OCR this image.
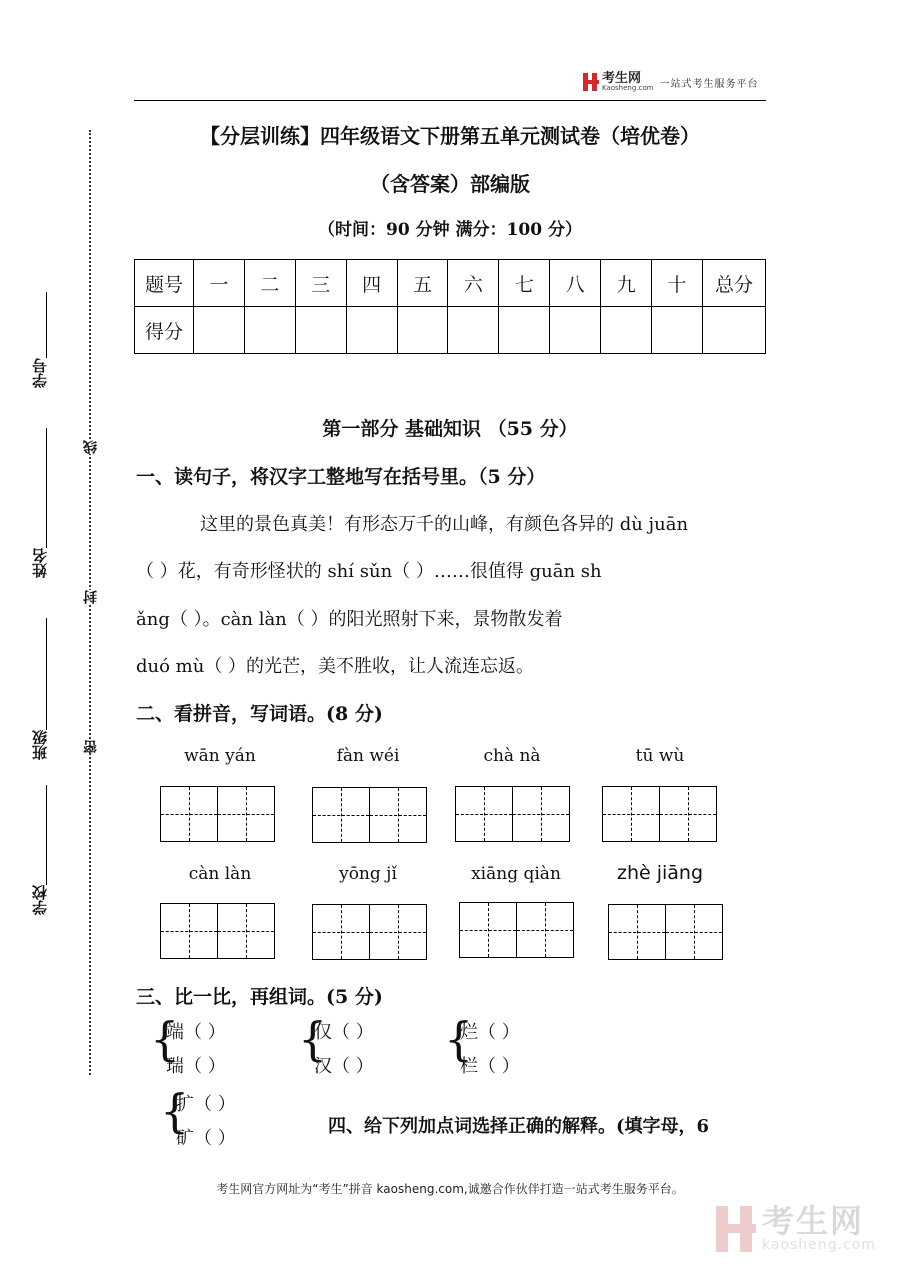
考生网
Kaosheng.com 一站式考生服务平台
【分层训练】四年级语文下册第五单元测试卷（培优卷）
（含答案）部编版
（时间：90 分钟 满分：100 分）
题号	一	二	三	四	五	六	七	八	九	十	总分
得分											
线
封
密
学号
姓名
班级
学校
第一部分 基础知识 （55 分）
一、读句子，将汉字工整地写在括号里。（5 分）
这里的景色真美！有形态万千的山峰，有颜色各异的 dù juān
（ ）花，有奇形怪状的 shí sǔn（ ）……很值得 guān sh
ǎng（ ）。càn làn（ ）的阳光照射下来，景物散发着
duó mù（ ）的光芒，美不胜收，让人流连忘返。
二、看拼音，写词语。(8 分)
wān yán	fàn wéi	chà nà	tū wù
càn làn	yōng jǐ	xiāng qiàn	zhè jiāng
三、比一比，再组词。(5 分)
{
端（ ）
瑞（ ）
{
仅（ ）
汉（ ）
{
烂（ ）
栏（ ）
{
扩（ ）
矿（ ）
四、给下列加点词选择正确的解释。(填字母，6
考生网官方网址为“考生”拼音 kaosheng.com,诚邀合作伙伴打造一站式考生服务平台。
考生网
kaosheng.com
